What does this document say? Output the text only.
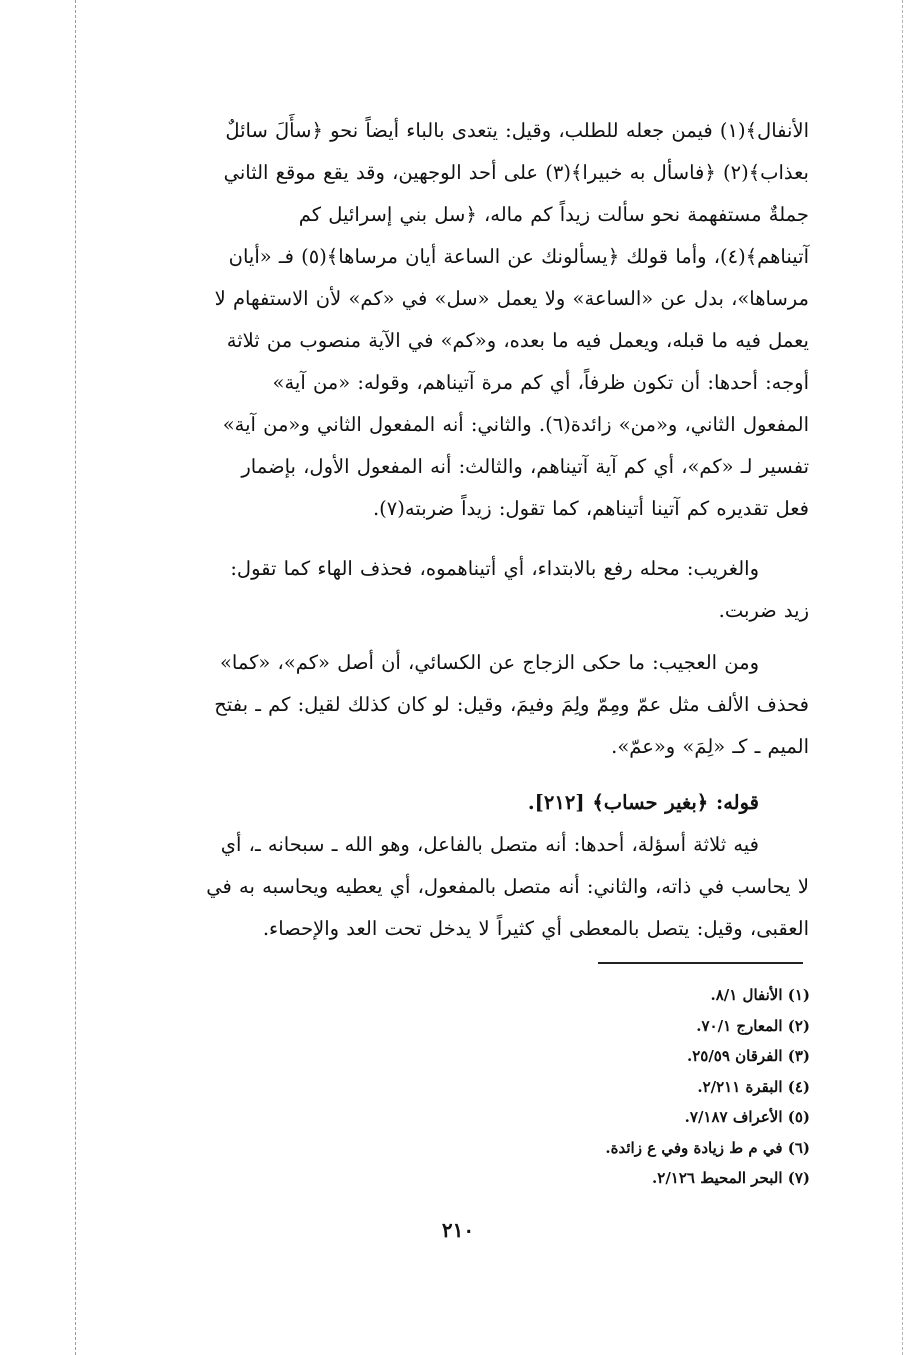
الأنفال﴾(١) فيمن جعله للطلب، وقيل: يتعدى بالباء أيضاً نحو ﴿سأَلَ سائلٌ
بعذاب﴾(٢) ﴿فاسأل به خبيرا﴾(٣) على أحد الوجهين، وقد يقع موقع الثاني
جملةٌ مستفهمة نحو سألت زيداً كم ماله، ﴿سل بني إسرائيل كم
آتيناهم﴾(٤)، وأما قولك ﴿يسألونك عن الساعة أيان مرساها﴾(٥) فـ «أيان
مرساها»، بدل عن «الساعة» ولا يعمل «سل» في «كم» لأن الاستفهام لا
يعمل فيه ما قبله، ويعمل فيه ما بعده، و«كم» في الآية منصوب من ثلاثة
أوجه: أحدها: أن تكون ظرفاً، أي كم مرة آتيناهم، وقوله: «من آية»
المفعول الثاني، و«من» زائدة(٦). والثاني: أنه المفعول الثاني و«من آية»
تفسير لـ «كم»، أي كم آية آتيناهم، والثالث: أنه المفعول الأول، بإضمار
فعل تقديره كم آتينا أتيناهم، كما تقول: زيداً ضربته(٧).
والغريب: محله رفع بالابتداء، أي أتيناهموه، فحذف الهاء كما تقول:
زيد ضربت.
ومن العجيب: ما حكى الزجاج عن الكسائي، أن أصل «كم»، «كما»
فحذف الألف مثل عمّ ومِمّ ولِمَ وفيمَ، وقيل: لو كان كذلك لقيل: كم ـ بفتح
الميم ـ كـ «لِمَ» و«عمّ».
قوله: ﴿بغير حساب﴾ [٢١٢].
فيه ثلاثة أسؤلة، أحدها: أنه متصل بالفاعل، وهو الله ـ سبحانه ـ، أي
لا يحاسب في ذاته، والثاني: أنه متصل بالمفعول، أي يعطيه ويحاسبه به في
العقبى، وقيل: يتصل بالمعطى أي كثيراً لا يدخل تحت العد والإحصاء.
(١) الأنفال ٨/١.
(٢) المعارج ٧٠/١.
(٣) الفرقان ٢٥/٥٩.
(٤) البقرة ٢/٢١١.
(٥) الأعراف ٧/١٨٧.
(٦) في م ط زيادة وفي ع زائدة.
(٧) البحر المحيط ٢/١٢٦.
٢١٠
